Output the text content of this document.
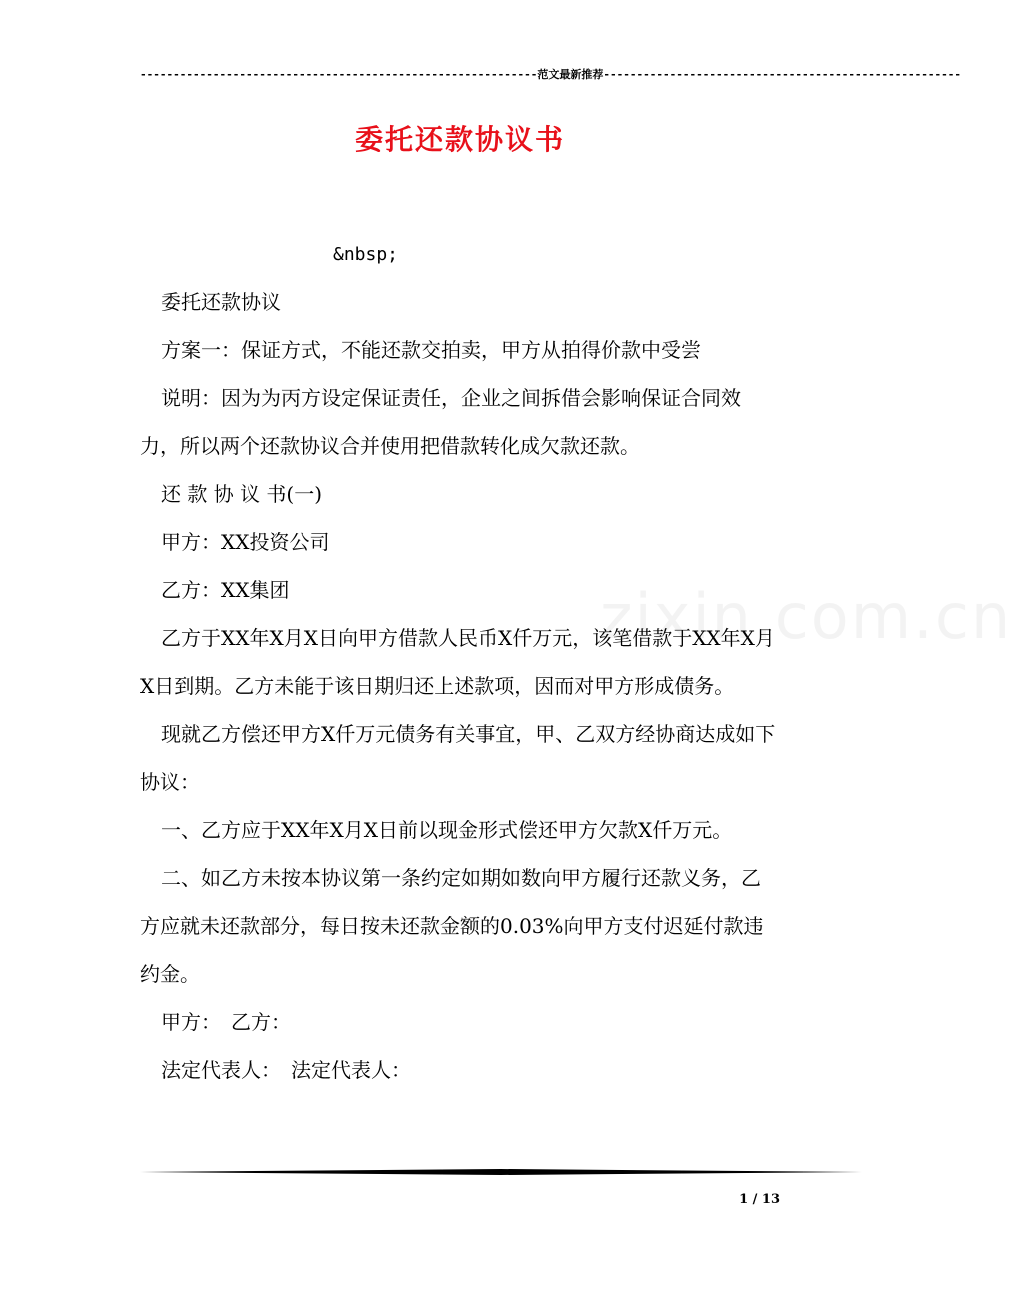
------------------------------------------------------------范文最新推荐------------------------------------------------------
委托还款协议书
&nbsp;

委托还款协议

方案一：保证方式，不能还款交拍卖，甲方从拍得价款中受尝

说明：因为为丙方设定保证责任，企业之间拆借会影响保证合同效力，所以两个还款协议合并使用把借款转化成欠款还款。

还 款 协 议 书(一)

甲方：XX投资公司

乙方：XX集团

乙方于XX年X月X日向甲方借款人民币X仟万元，该笔借款于XX年X月X日到期。乙方未能于该日期归还上述款项，因而对甲方形成债务。

现就乙方偿还甲方X仟万元债务有关事宜，甲、乙双方经协商达成如下协议：

一、乙方应于XX年X月X日前以现金形式偿还甲方欠款X仟万元。

二、如乙方未按本协议第一条约定如期如数向甲方履行还款义务，乙方应就未还款部分，每日按未还款金额的0.03%向甲方支付迟延付款违约金。

甲方：　乙方：

法定代表人：　法定代表人：

1 / 13
